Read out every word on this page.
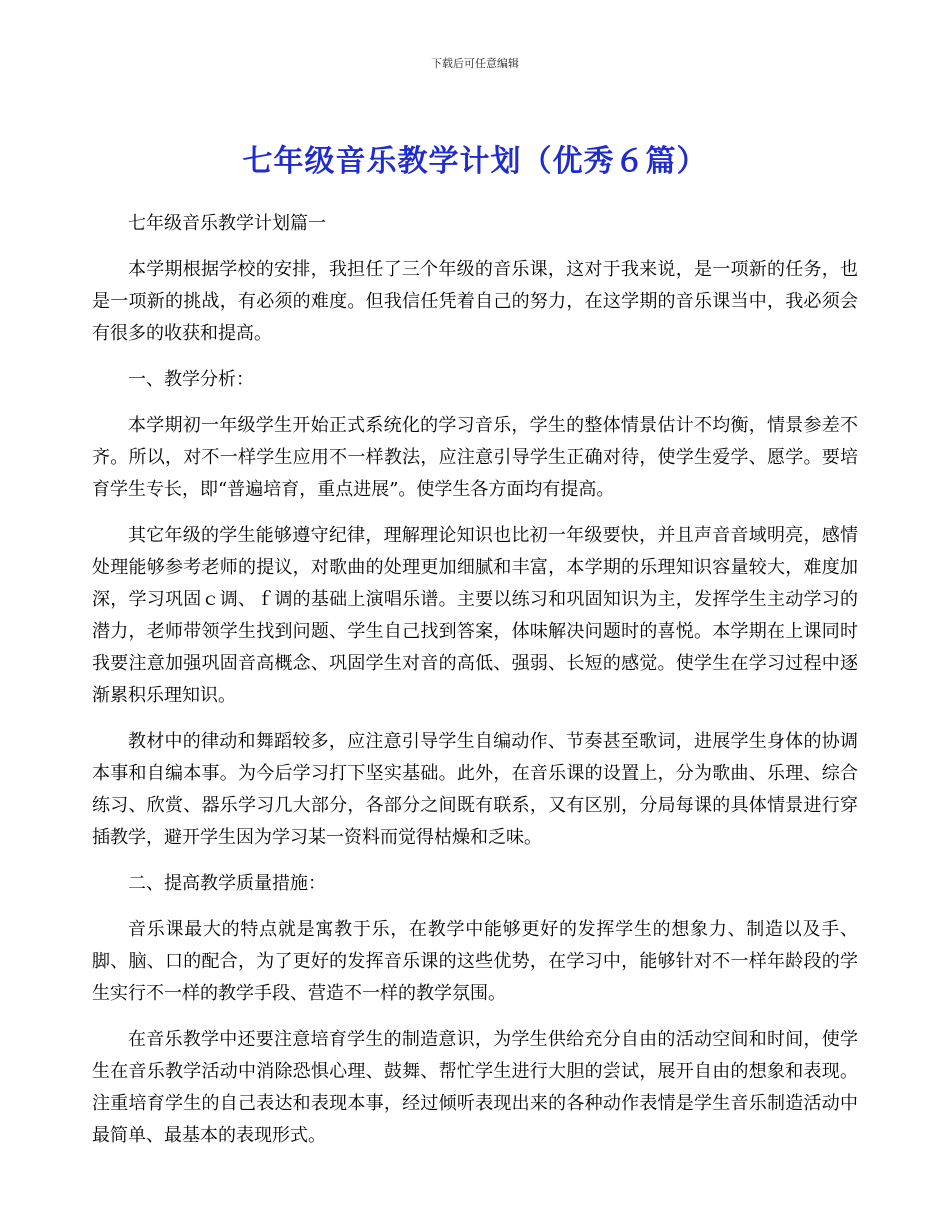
下载后可任意编辑
七年级音乐教学计划（优秀６篇）

七年级音乐教学计划篇一

本学期根据学校的安排，我担任了三个年级的音乐课，这对于我来说，是一项新的任务，也是一项新的挑战，有必须的难度。但我信任凭着自己的努力，在这学期的音乐课当中，我必须会有很多的收获和提高。

一、教学分析：

本学期初一年级学生开始正式系统化的学习音乐，学生的整体情景估计不均衡，情景参差不齐。所以，对不一样学生应用不一样教法，应注意引导学生正确对待，使学生爱学、愿学。要培育学生专长，即“普遍培育，重点进展”。使学生各方面均有提高。

其它年级的学生能够遵守纪律，理解理论知识也比初一年级要快，并且声音音域明亮，感情处理能够参考老师的提议，对歌曲的处理更加细腻和丰富，本学期的乐理知识容量较大，难度加深，学习巩固ｃ调、ｆ调的基础上演唱乐谱。主要以练习和巩固知识为主，发挥学生主动学习的潜力，老师带领学生找到问题、学生自己找到答案，体味解决问题时的喜悦。本学期在上课同时我要注意加强巩固音高概念、巩固学生对音的高低、强弱、长短的感觉。使学生在学习过程中逐渐累积乐理知识。

教材中的律动和舞蹈较多，应注意引导学生自编动作、节奏甚至歌词，进展学生身体的协调本事和自编本事。为今后学习打下坚实基础。此外，在音乐课的设置上，分为歌曲、乐理、综合练习、欣赏、器乐学习几大部分，各部分之间既有联系，又有区别，分局每课的具体情景进行穿插教学，避开学生因为学习某一资料而觉得枯燥和乏味。

二、提高教学质量措施：

音乐课最大的特点就是寓教于乐，在教学中能够更好的发挥学生的想象力、制造以及手、脚、脑、口的配合，为了更好的发挥音乐课的这些优势，在学习中，能够针对不一样年龄段的学生实行不一样的教学手段、营造不一样的教学氛围。

在音乐教学中还要注意培育学生的制造意识，为学生供给充分自由的活动空间和时间，使学生在音乐教学活动中消除恐惧心理、鼓舞、帮忙学生进行大胆的尝试，展开自由的想象和表现。注重培育学生的自己表达和表现本事，经过倾听表现出来的各种动作表情是学生音乐制造活动中最简单、最基本的表现形式。
